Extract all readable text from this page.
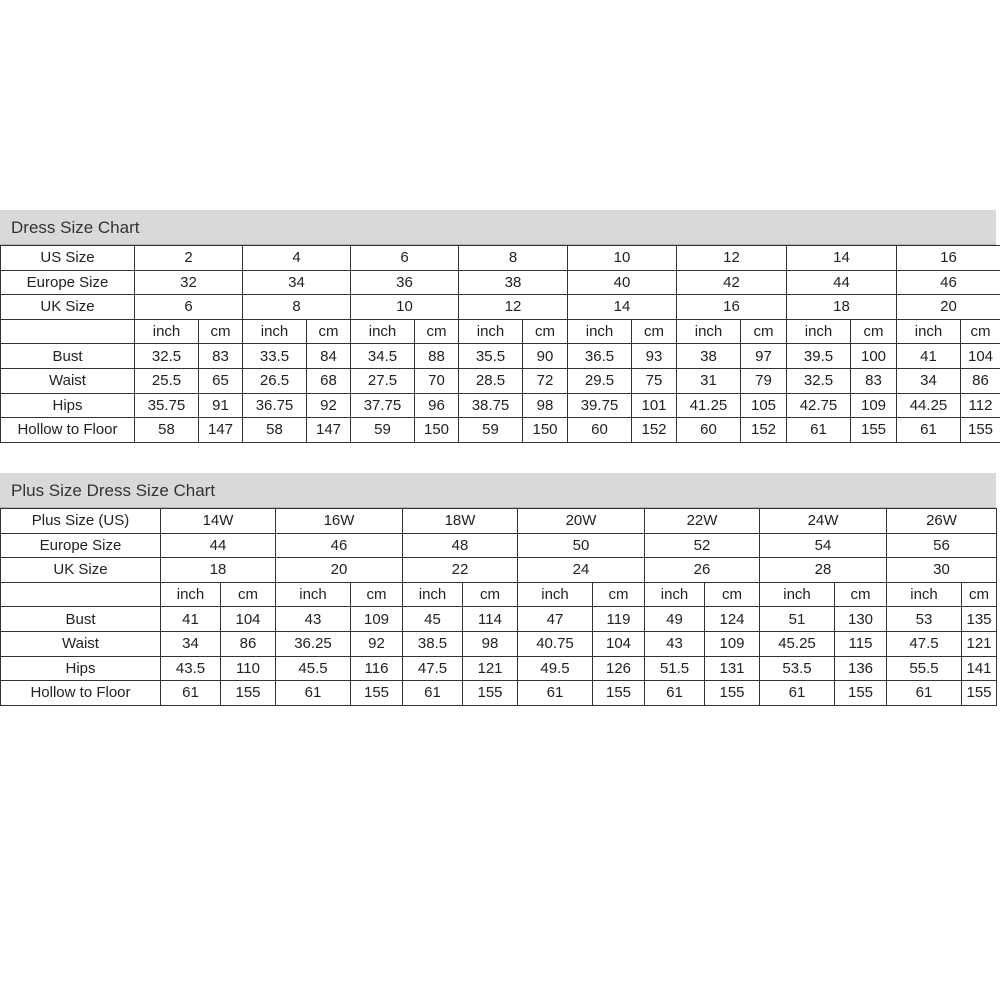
Dress Size Chart
US Size	2		4		6		8		10		12		14		16	
Europe Size	32		34		36		38		40		42		44		46	
UK Size	6		8		10		12		14		16		18		20	
	inch	cm	inch	cm	inch	cm	inch	cm	inch	cm	inch	cm	inch	cm	inch	cm
Bust	32.5	83	33.5	84	34.5	88	35.5	90	36.5	93	38	97	39.5	100	41	104
Waist	25.5	65	26.5	68	27.5	70	28.5	72	29.5	75	31	79	32.5	83	34	86
Hips	35.75	91	36.75	92	37.75	96	38.75	98	39.75	101	41.25	105	42.75	109	44.25	112
Hollow to Floor	58	147	58	147	59	150	59	150	60	152	60	152	61	155	61	155
Plus Size Dress Size Chart
Plus Size (US)	14W		16W		18W		20W		22W		24W		26W	
Europe Size	44		46		48		50		52		54		56	
UK Size	18		20		22		24		26		28		30	
	inch	cm	inch	cm	inch	cm	inch	cm	inch	cm	inch	cm	inch	cm
Bust	41	104	43	109	45	114	47	119	49	124	51	130	53	135
Waist	34	86	36.25	92	38.5	98	40.75	104	43	109	45.25	115	47.5	121
Hips	43.5	110	45.5	116	47.5	121	49.5	126	51.5	131	53.5	136	55.5	141
Hollow to Floor	61	155	61	155	61	155	61	155	61	155	61	155	61	155
